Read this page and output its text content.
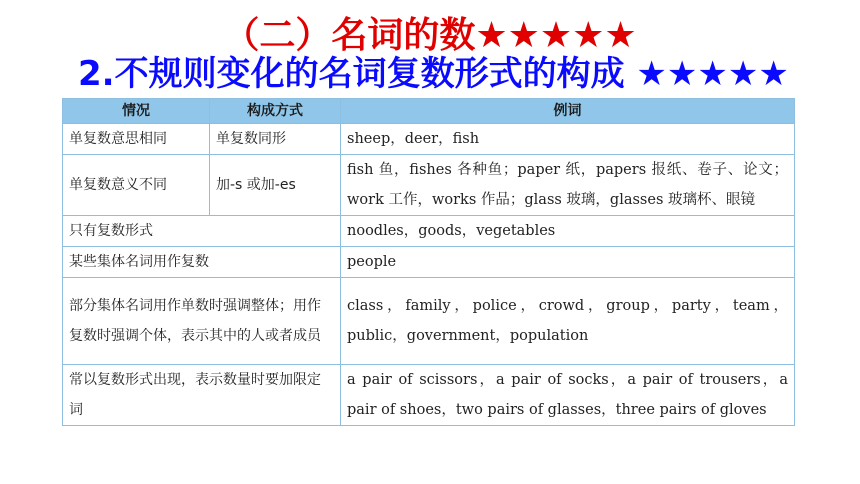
（二）名词的数★★★★★
2.不规则变化的名词复数形式的构成 ★★★★★
情况	构成方式	例词
单复数意思相同	单复数同形	sheep，deer，fish
单复数意义不同	加-s 或加-es	fish 鱼，fishes 各种鱼；paper 纸，papers 报纸、卷子、论文；work 工作，works 作品；glass 玻璃，glasses 玻璃杯、眼镜
只有复数形式		noodles，goods，vegetables
某些集体名词用作复数		people
部分集体名词用作单数时强调整体；用作复数时强调个体，表示其中的人或者成员		class，family，police，crowd，group，party，team，public，government，population
常以复数形式出现，表示数量时要加限定词		a pair of scissors，a pair of socks，a pair of trousers，a pair of shoes，two pairs of glasses，three pairs of gloves
